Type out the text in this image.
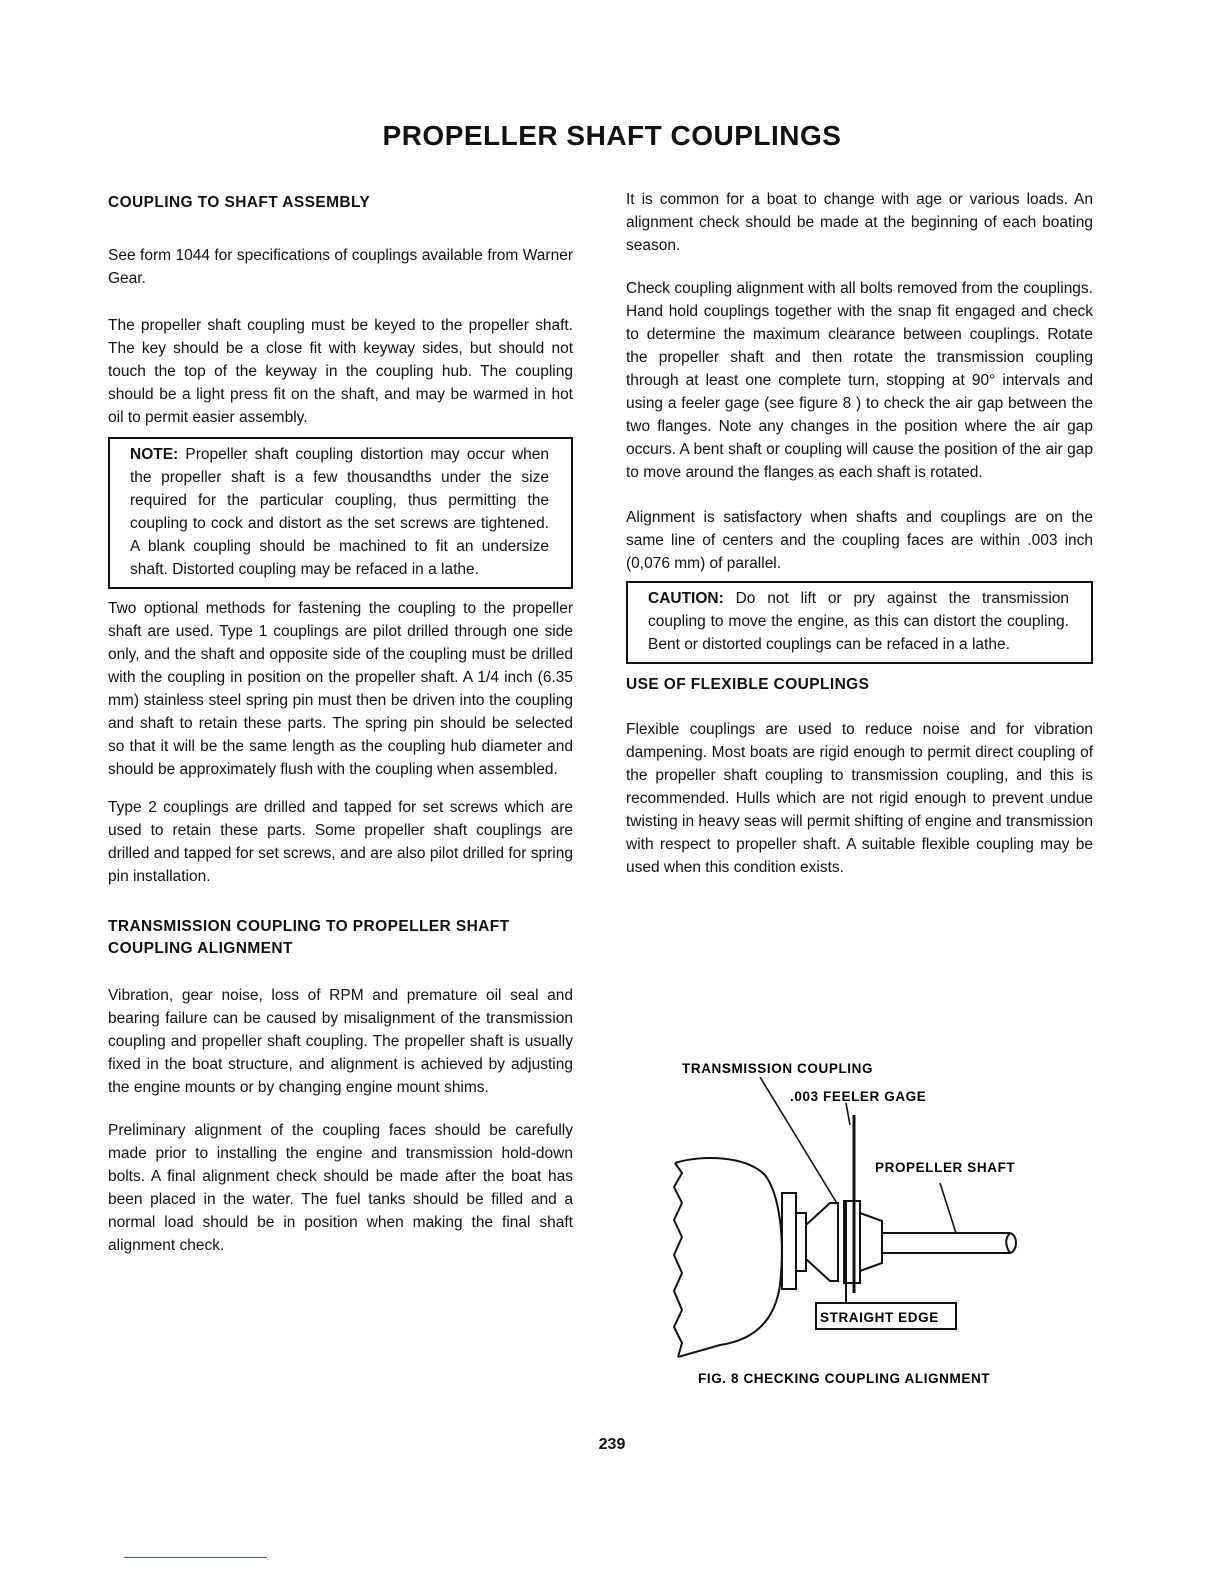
PROPELLER SHAFT COUPLINGS
COUPLING TO SHAFT ASSEMBLY

See form 1044 for specifications of couplings available from Warner Gear.

The propeller shaft coupling must be keyed to the propeller shaft. The key should be a close fit with keyway sides, but should not touch the top of the keyway in the coupling hub. The coupling should be a light press fit on the shaft, and may be warmed in hot oil to permit easier assembly.

NOTE: Propeller shaft coupling distortion may occur when the propeller shaft is a few thousandths under the size required for the particular coupling, thus permitting the coupling to cock and distort as the set screws are tightened. A blank coupling should be machined to fit an undersize shaft. Distorted coupling may be refaced in a lathe.

Two optional methods for fastening the coupling to the propeller shaft are used. Type 1 couplings are pilot drilled through one side only, and the shaft and opposite side of the coupling must be drilled with the coupling in position on the propeller shaft. A 1/4 inch (6.35 mm) stainless steel spring pin must then be driven into the coupling and shaft to retain these parts. The spring pin should be selected so that it will be the same length as the coupling hub diameter and should be approximately flush with the coupling when assembled.

Type 2 couplings are drilled and tapped for set screws which are used to retain these parts. Some propeller shaft couplings are drilled and tapped for set screws, and are also pilot drilled for spring pin installation.

TRANSMISSION COUPLING TO PROPELLER SHAFT COUPLING ALIGNMENT

Vibration, gear noise, loss of RPM and premature oil seal and bearing failure can be caused by misalignment of the transmission coupling and propeller shaft coupling. The propeller shaft is usually fixed in the boat structure, and alignment is achieved by adjusting the engine mounts or by changing engine mount shims.

Preliminary alignment of the coupling faces should be carefully made prior to installing the engine and transmission hold-down bolts. A final alignment check should be made after the boat has been placed in the water. The fuel tanks should be filled and a normal load should be in position when making the final shaft alignment check.

It is common for a boat to change with age or various loads. An alignment check should be made at the beginning of each boating season.

Check coupling alignment with all bolts removed from the couplings. Hand hold couplings together with the snap fit engaged and check to determine the maximum clearance between couplings. Rotate the propeller shaft and then rotate the transmission coupling through at least one complete turn, stopping at 90° intervals and using a feeler gage (see figure 8 ) to check the air gap between the two flanges. Note any changes in the position where the air gap occurs. A bent shaft or coupling will cause the position of the air gap to move around the flanges as each shaft is rotated.

Alignment is satisfactory when shafts and couplings are on the same line of centers and the coupling faces are within .003 inch (0,076 mm) of parallel.

CAUTION: Do not lift or pry against the transmission coupling to move the engine, as this can distort the coupling. Bent or distorted couplings can be refaced in a lathe.
USE OF FLEXIBLE COUPLINGS

Flexible couplings are used to reduce noise and for vibration dampening. Most boats are rigid enough to permit direct coupling of the propeller shaft coupling to transmission coupling, and this is recommended. Hulls which are not rigid enough to prevent undue twisting in heavy seas will permit shifting of engine and transmission with respect to propeller shaft. A suitable flexible coupling may be used when this condition exists.

TRANSMISSION COUPLING
.003 FEELER GAGE
PROPELLER SHAFT
STRAIGHT EDGE
FIG. 8 CHECKING COUPLING ALIGNMENT
239
